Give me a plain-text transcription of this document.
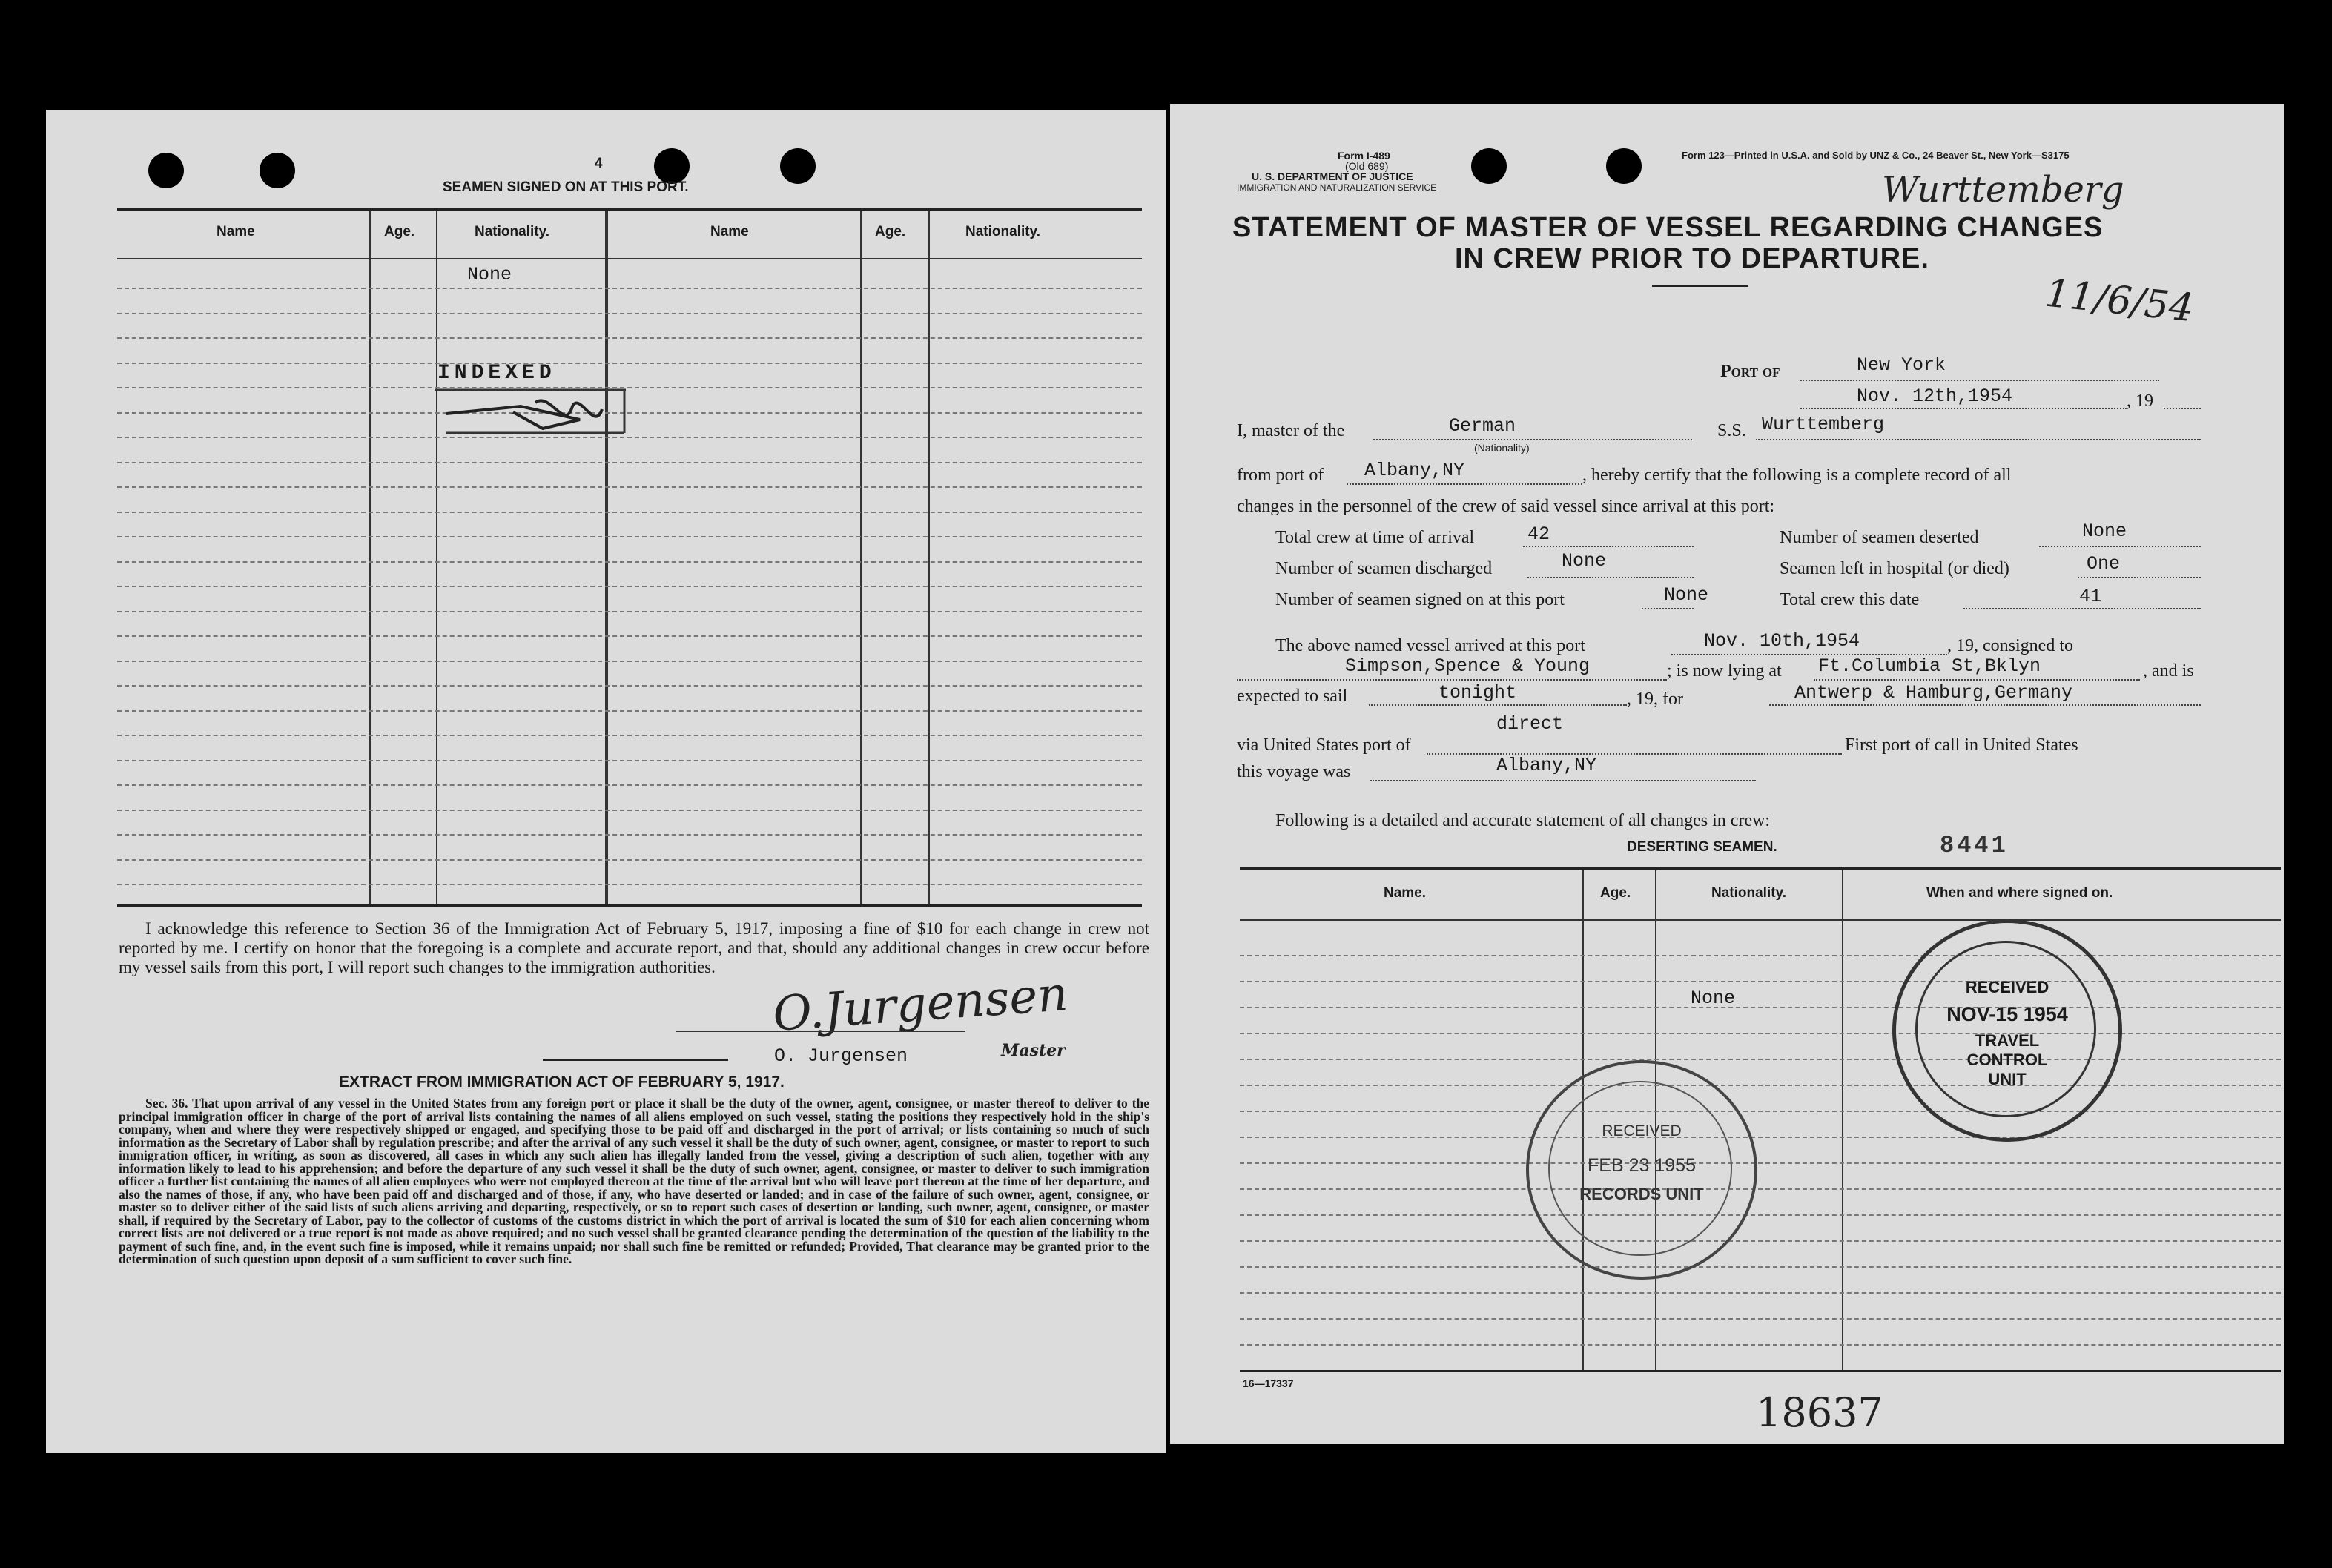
4
SEAMEN SIGNED ON AT THIS PORT.
Name	Age.	Nationality.	Name	Age.	Nationality.
None
INDEXED
I acknowledge this reference to Section 36 of the Immigration Act of February 5, 1917, imposing a fine of $10 for each change in crew not reported by me. I certify on honor that the foregoing is a complete and accurate report, and that, should any additional changes in crew occur before my vessel sails from this port, I will report such changes to the immigration authorities.	O.Jurgensen
O. Jurgensen	Master
EXTRACT FROM IMMIGRATION ACT OF FEBRUARY 5, 1917.
Sec. 36. That upon arrival of any vessel in the United States from any foreign port or place it shall be the duty of the owner, agent, consignee, or master thereof to deliver to the principal immigration officer in charge of the port of arrival lists containing the names of all aliens employed on such vessel, stating the positions they respectively hold in the ship's company, when and where they were respectively shipped or engaged, and specifying those to be paid off and discharged in the port of arrival; or lists containing so much of such information as the Secretary of Labor shall by regulation prescribe; and after the arrival of any such vessel it shall be the duty of such owner, agent, consignee, or master to report to such immigration officer, in writing, as soon as discovered, all cases in which any such alien has illegally landed from the vessel, giving a description of such alien, together with any information likely to lead to his apprehension; and before the departure of any such vessel it shall be the duty of such owner, agent, consignee, or master to deliver to such immigration officer a further list containing the names of all alien employees who were not employed thereon at the time of the arrival but who will leave port thereon at the time of her departure, and also the names of those, if any, who have been paid off and discharged and of those, if any, who have deserted or landed; and in case of the failure of such owner, agent, consignee, or master so to deliver either of the said lists of such aliens arriving and departing, respectively, or so to report such cases of desertion or landing, such owner, agent, consignee, or master shall, if required by the Secretary of Labor, pay to the collector of customs of the customs district in which the port of arrival is located the sum of $10 for each alien concerning whom correct lists are not delivered or a true report is not made as above required; and no such vessel shall be granted clearance pending the determination of the question of the liability to the payment of such fine, and, in the event such fine is imposed, while it remains unpaid; nor shall such fine be remitted or refunded; Provided, That clearance may be granted prior to the determination of such question upon deposit of a sum sufficient to cover such fine.
Form I-489
(Old 689)
U. S. DEPARTMENT OF JUSTICE
IMMIGRATION AND NATURALIZATION SERVICE
Form 123—Printed in U.S.A. and Sold by UNZ & Co., 24 Beaver St., New York—S3175
Wurttemberg
11/6/54
STATEMENT OF MASTER OF VESSEL REGARDING CHANGES
IN CREW PRIOR TO DEPARTURE.
Port of	New York
Nov. 12th,1954	, 19
I, master of the	German
(Nationality)
S.S. Wurttemberg
from port of Albany,NY	, hereby certify that the following is a complete record of all
changes in the personnel of the crew of said vessel since arrival at this port:
Total crew at time of arrival	42	Number of seamen deserted	None
Number of seamen discharged	None	Seamen left in hospital (or died)	One
Number of seamen signed on at this port	None	Total crew this date	41
The above named vessel arrived at this port	Nov. 10th,1954	, 19, consigned to
Simpson,Spence & Young	; is now lying at Ft.Columbia St,Bklyn	, and is
expected to sail	tonight	, 19, for	Antwerp & Hamburg,Germany
via United States port of
direct
First port of call in United States
this voyage was	Albany,NY
Following is a detailed and accurate statement of all changes in crew:
DESERTING SEAMEN.	8441
Name.	Age.	Nationality.	When and where signed on.
None
RECEIVED
NOV-15 1954
TRAVEL CONTROL UNIT
RECEIVED
FEB 23 1955
RECORDS UNIT
16—17337
18637
